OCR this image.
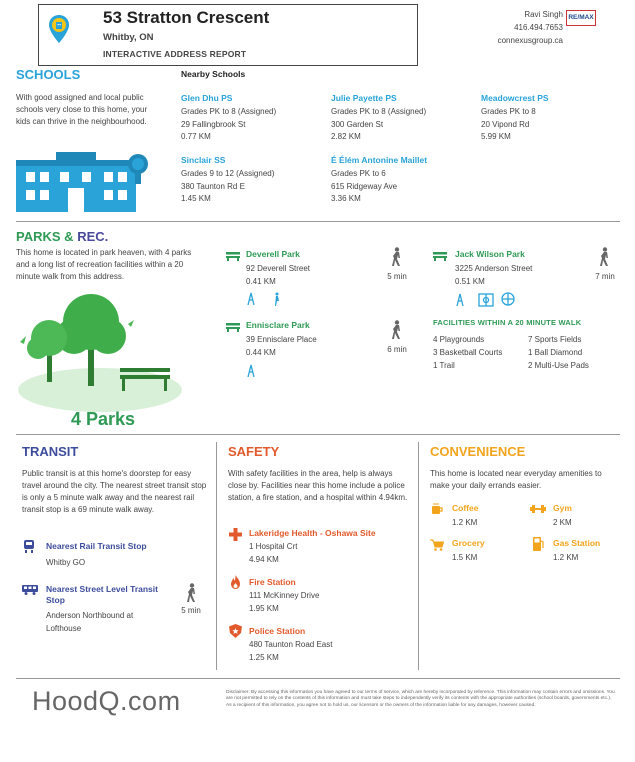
53 Stratton Crescent
Whitby, ON
INTERACTIVE ADDRESS REPORT
Ravi Singh
416.494.7653
connexusgroup.ca
RE/MAX
SCHOOLS	Nearby Schools
With good assigned and local public schools very close to this home, your kids can thrive in the neighbourhood.
Glen Dhu PS
Grades PK to 8 (Assigned)
29 Fallingbrook St
0.77 KM
Julie Payette PS
Grades PK to 8 (Assigned)
300 Garden St
2.82 KM
Meadowcrest PS
Grades PK to 8
20 Vipond Rd
5.99 KM
Sinclair SS
Grades 9 to 12 (Assigned)
380 Taunton Rd E
1.45 KM
É Élém Antonine Maillet
Grades PK to 6
615 Ridgeway Ave
3.36 KM
PARKS & REC.
This home is located in park heaven, with 4 parks and a long list of recreation facilities within a 20 minute walk from this address.
4 Parks
Deverell Park
92 Deverell Street
0.41 KM	5 min
Jack Wilson Park
3225 Anderson Street
0.51 KM	7 min
Ennisclare Park
39 Ennisclare Place
0.44 KM	6 min
FACILITIES WITHIN A 20 MINUTE WALK
4 Playgrounds	7 Sports Fields
3 Basketball Courts	1 Ball Diamond
1 Trail	2 Multi-Use Pads
TRANSIT
Public transit is at this home's doorstep for easy travel around the city. The nearest street transit stop is only a 5 minute walk away and the nearest rail transit stop is a 69 minute walk away.
Nearest Rail Transit Stop
Whitby GO
Nearest Street Level Transit Stop
Anderson Northbound at Lofthouse
5 min
SAFETY
With safety facilities in the area, help is always close by. Facilities near this home include a police station, a fire station, and a hospital within 4.94km.
Lakeridge Health - Oshawa Site
1 Hospital Crt
4.94 KM
Fire Station
111 McKinney Drive
1.95 KM
Police Station
480 Taunton Road East
1.25 KM
CONVENIENCE
This home is located near everyday amenities to make your daily errands easier.
Coffee
1.2 KM
Gym
2 KM
Grocery
1.5 KM
Gas Station
1.2 KM
HoodQ.com	Disclaimer: By accessing this information you have agreed to our terms of service, which are hereby incorporated by reference. This information may contain errors and omissions. You are not permitted to rely on the contents of this information and must take steps to independently verify its contents with the appropriate authorities (school boards, governments etc.). As a recipient of this information, you agree not to hold us, our licensors or the owners of the information liable for any damages, however caused.
